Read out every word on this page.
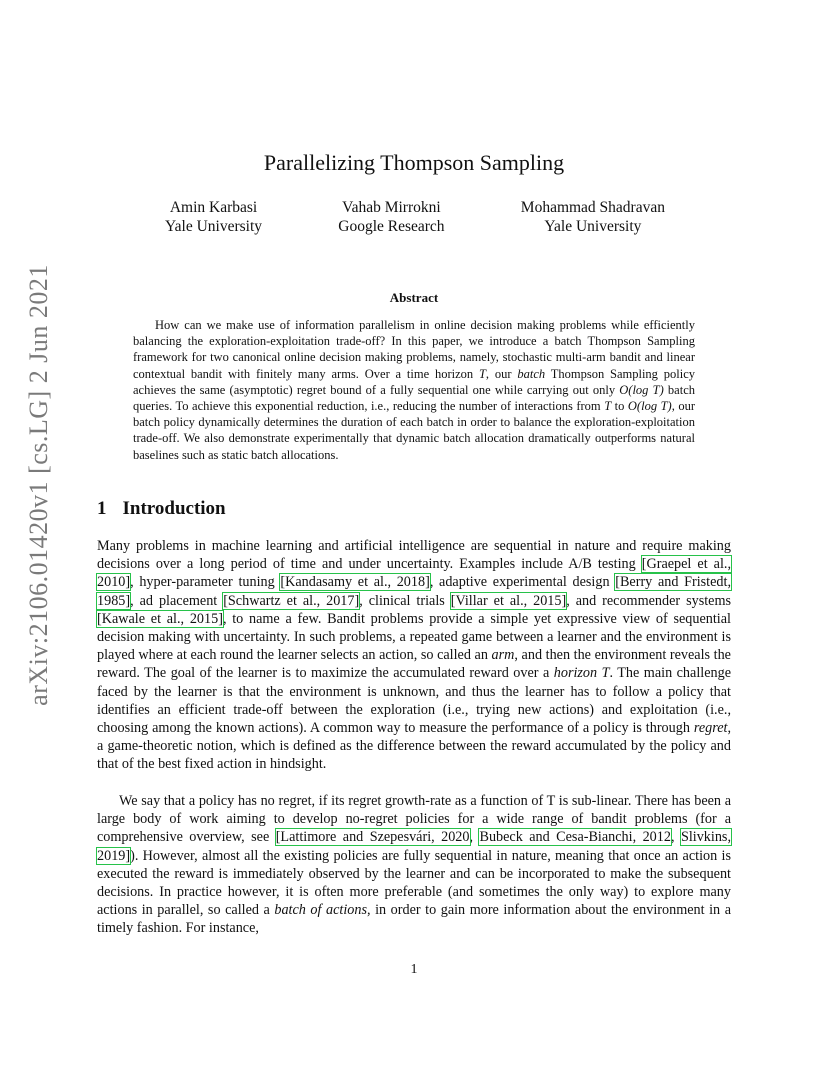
arXiv:2106.01420v1 [cs.LG] 2 Jun 2021
Parallelizing Thompson Sampling
Amin Karbasi
Yale University
Vahab Mirrokni
Google Research
Mohammad Shadravan
Yale University
Abstract

How can we make use of information parallelism in online decision making problems while efficiently balancing the exploration-exploitation trade-off? In this paper, we introduce a batch Thompson Sampling framework for two canonical online decision making problems, namely, stochastic multi-arm bandit and linear contextual bandit with finitely many arms. Over a time horizon T, our batch Thompson Sampling policy achieves the same (asymptotic) regret bound of a fully sequential one while carrying out only O(log T) batch queries. To achieve this exponential reduction, i.e., reducing the number of interactions from T to O(log T), our batch policy dynamically determines the duration of each batch in order to balance the exploration-exploitation trade-off. We also demonstrate experimentally that dynamic batch allocation dramatically outperforms natural baselines such as static batch allocations.

1 Introduction

Many problems in machine learning and artificial intelligence are sequential in nature and require making decisions over a long period of time and under uncertainty. Examples include A/B testing [Graepel et al., 2010], hyper-parameter tuning [Kandasamy et al., 2018], adaptive experimental design [Berry and Fristedt, 1985], ad placement [Schwartz et al., 2017], clinical trials [Villar et al., 2015], and recommender systems [Kawale et al., 2015], to name a few. Bandit problems provide a simple yet expressive view of sequential decision making with uncertainty. In such problems, a repeated game between a learner and the environment is played where at each round the learner selects an action, so called an arm, and then the environment reveals the reward. The goal of the learner is to maximize the accumulated reward over a horizon T. The main challenge faced by the learner is that the environment is unknown, and thus the learner has to follow a policy that identifies an efficient trade-off between the exploration (i.e., trying new actions) and exploitation (i.e., choosing among the known actions). A common way to measure the performance of a policy is through regret, a game-theoretic notion, which is defined as the difference between the reward accumulated by the policy and that of the best fixed action in hindsight.

We say that a policy has no regret, if its regret growth-rate as a function of T is sub-linear. There has been a large body of work aiming to develop no-regret policies for a wide range of bandit problems (for a comprehensive overview, see [Lattimore and Szepesvári, 2020, Bubeck and Cesa-Bianchi, 2012, Slivkins, 2019]). However, almost all the existing policies are fully sequential in nature, meaning that once an action is executed the reward is immediately observed by the learner and can be incorporated to make the subsequent decisions. In practice however, it is often more preferable (and sometimes the only way) to explore many actions in parallel, so called a batch of actions, in order to gain more information about the environment in a timely fashion. For instance,

1
